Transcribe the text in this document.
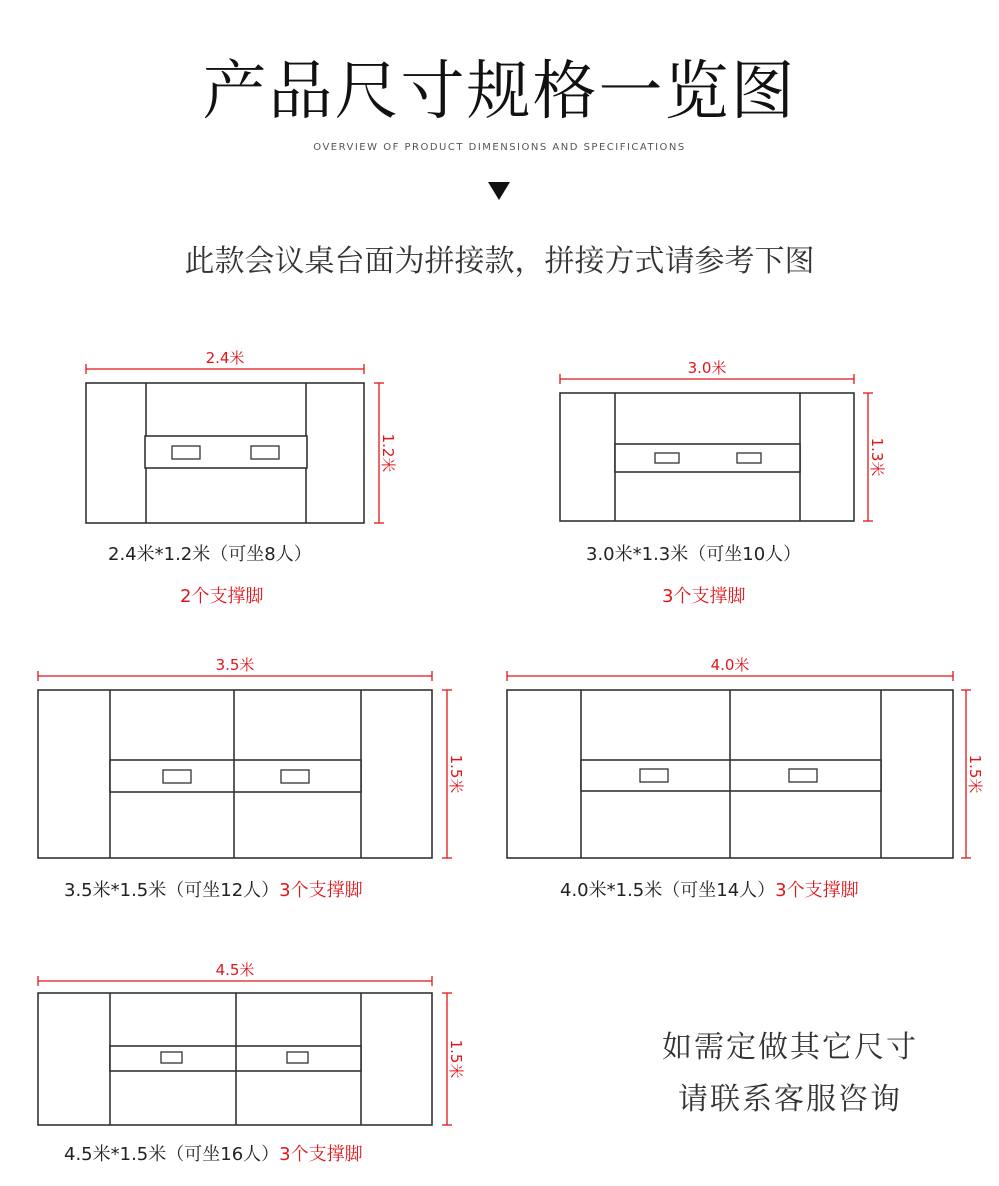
产品尺寸规格一览图
OVERVIEW OF PRODUCT DIMENSIONS AND SPECIFICATIONS
此款会议桌台面为拼接款，拼接方式请参考下图
2.4米
1.2米
3.0米
1.3米
3.5米
1.5米
4.0米
1.5米
4.5米
1.5米
2.4米*1.2米（可坐8人）
2个支撑脚
3.0米*1.3米（可坐10人）
3个支撑脚
3.5米*1.5米（可坐12人）3个支撑脚	4.0米*1.5米（可坐14人）3个支撑脚
4.5米*1.5米（可坐16人）3个支撑脚
如需定做其它尺寸
请联系客服咨询
